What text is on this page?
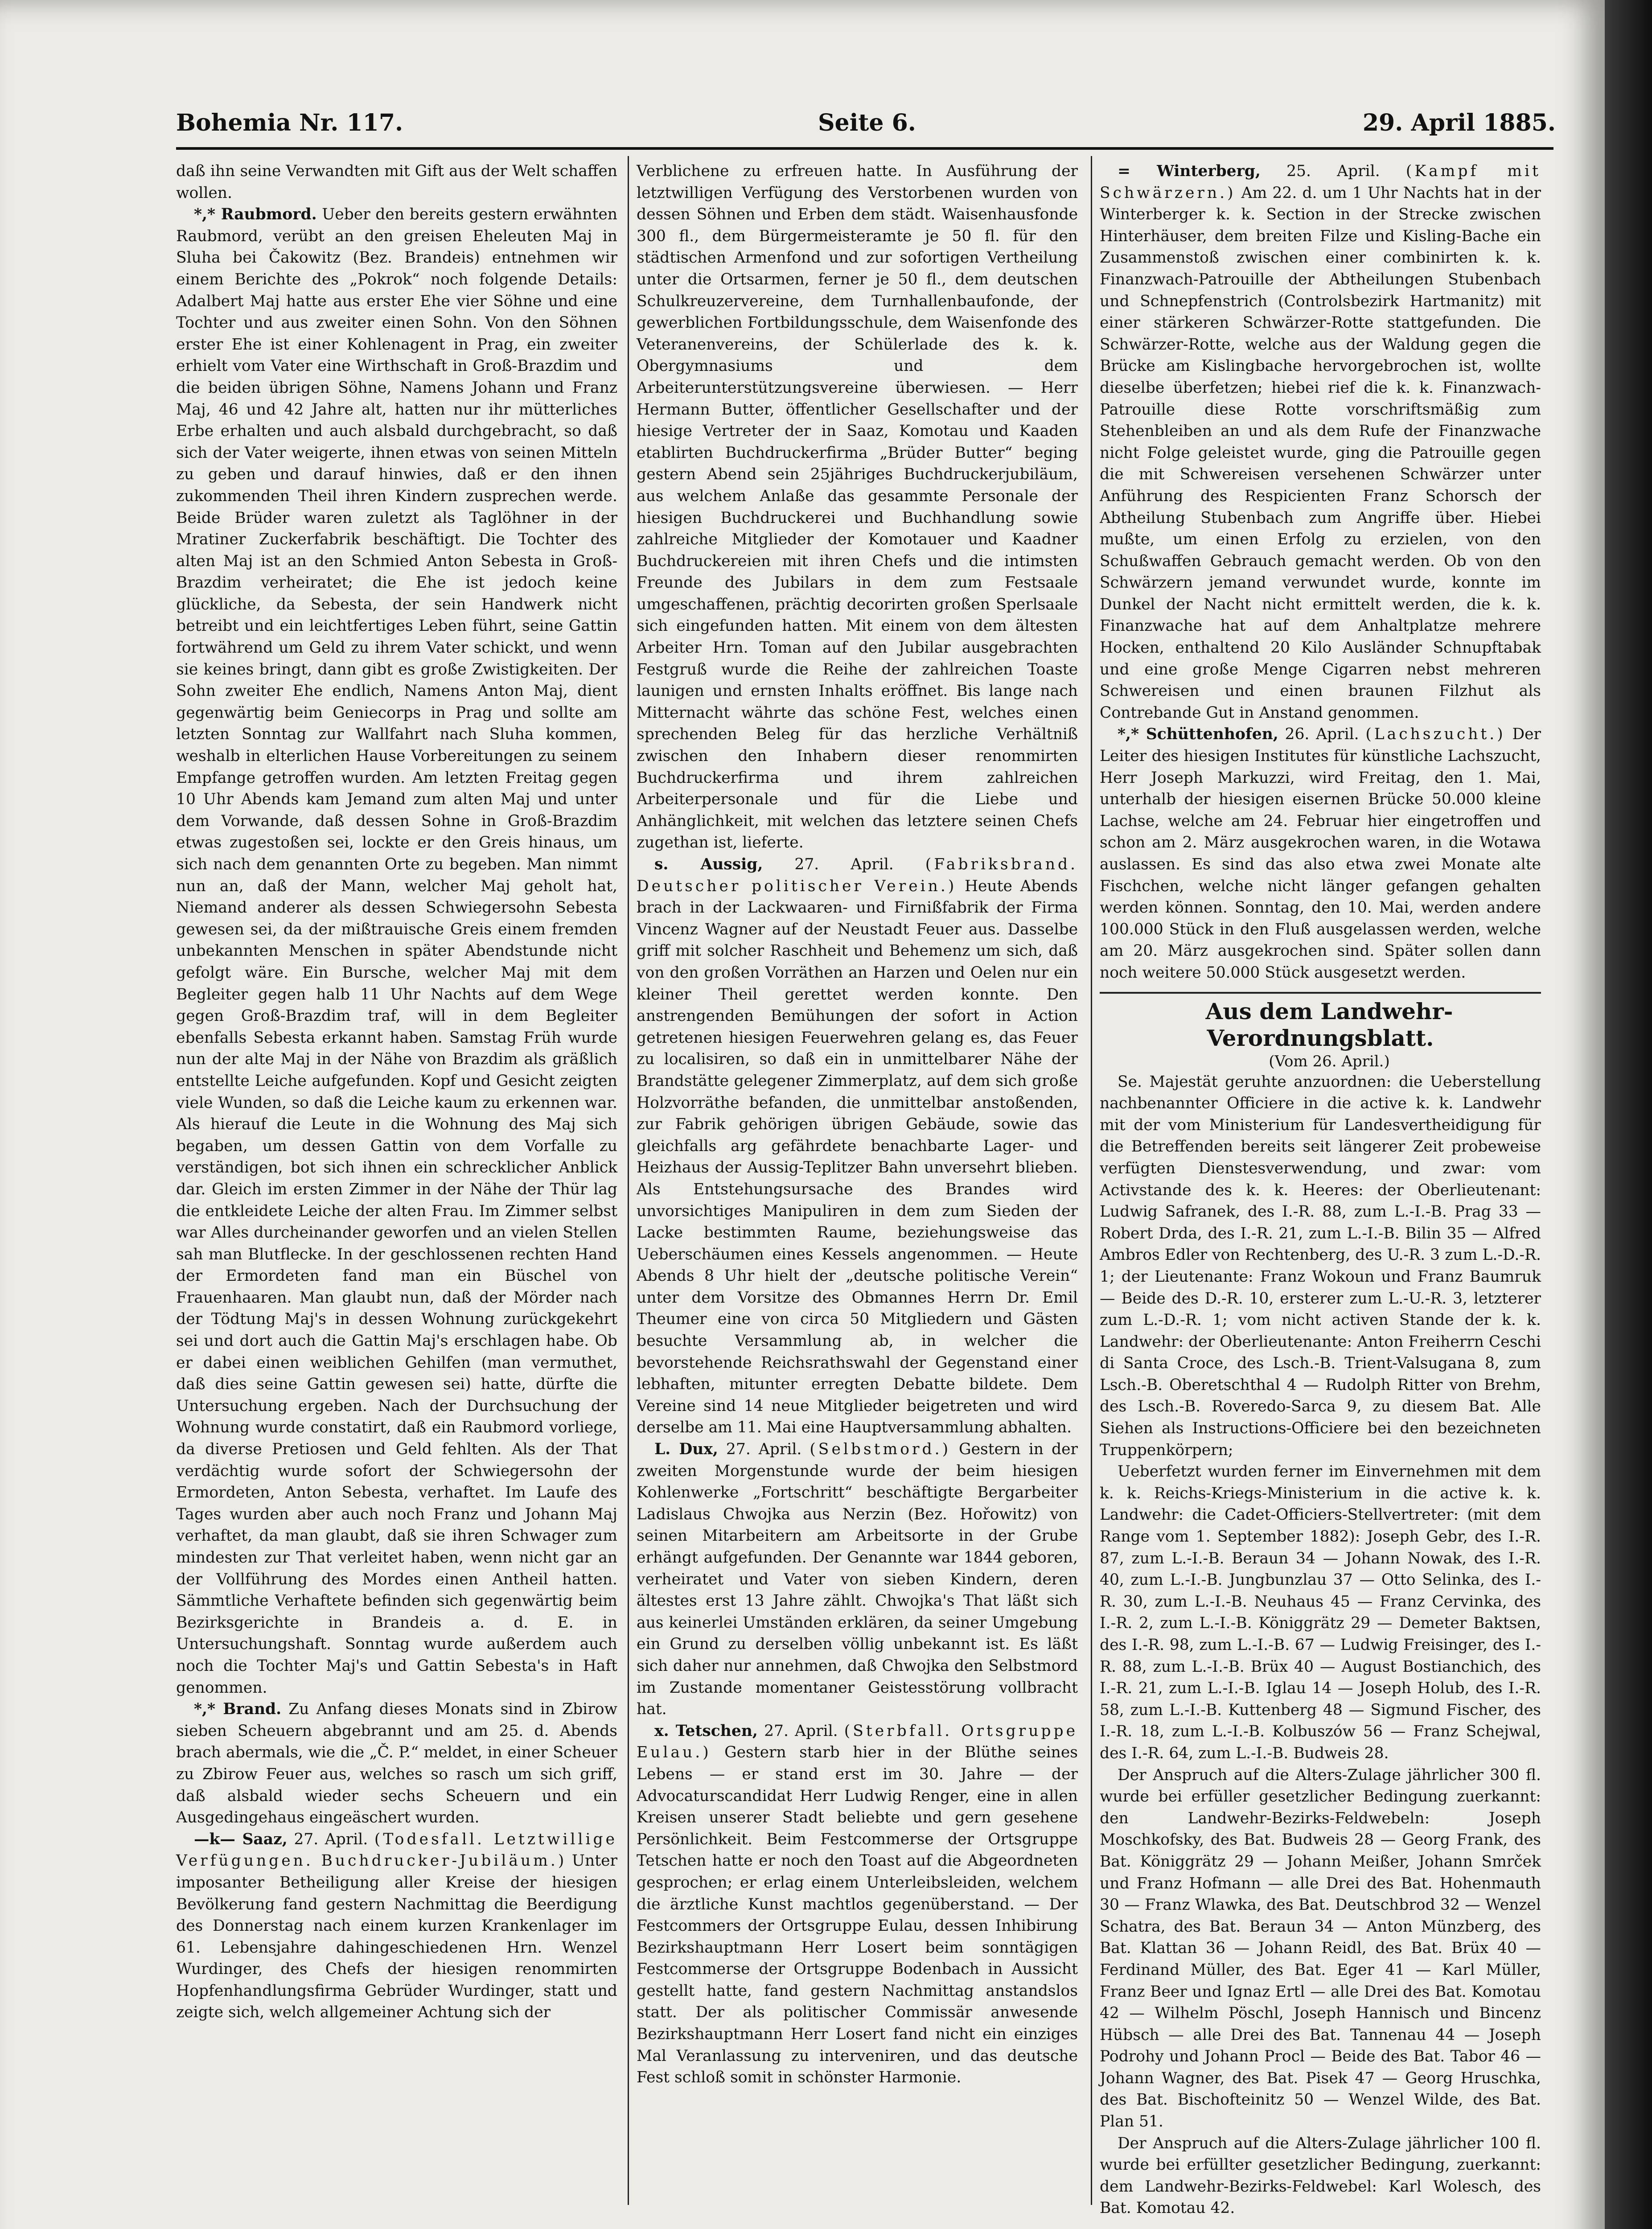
Bohemia Nr. 117.	Seite 6.	29. April 1885.

daß ihn seine Verwandten mit Gift aus der Welt schaffen wollen.

*,* Raubmord. Ueber den bereits gestern erwähnten Raubmord, verübt an den greisen Eheleuten Maj in Sluha bei Čakowitz (Bez. Brandeis) entnehmen wir einem Berichte des „Pokrok“ noch folgende Details: Adalbert Maj hatte aus erster Ehe vier Söhne und eine Tochter und aus zweiter einen Sohn. Von den Söhnen erster Ehe ist einer Kohlenagent in Prag, ein zweiter erhielt vom Vater eine Wirthschaft in Groß-Brazdim und die beiden übrigen Söhne, Namens Johann und Franz Maj, 46 und 42 Jahre alt, hatten nur ihr mütterliches Erbe erhalten und auch alsbald durchgebracht, so daß sich der Vater weigerte, ihnen etwas von seinen Mitteln zu geben und darauf hinwies, daß er den ihnen zukommenden Theil ihren Kindern zusprechen werde. Beide Brüder waren zuletzt als Taglöhner in der Mratiner Zuckerfabrik beschäftigt. Die Tochter des alten Maj ist an den Schmied Anton Sebesta in Groß-Brazdim verheiratet; die Ehe ist jedoch keine glückliche, da Sebesta, der sein Handwerk nicht betreibt und ein leichtfertiges Leben führt, seine Gattin fortwährend um Geld zu ihrem Vater schickt, und wenn sie keines bringt, dann gibt es große Zwistigkeiten. Der Sohn zweiter Ehe endlich, Namens Anton Maj, dient gegenwärtig beim Geniecorps in Prag und sollte am letzten Sonntag zur Wallfahrt nach Sluha kommen, weshalb in elterlichen Hause Vorbereitungen zu seinem Empfange getroffen wurden. Am letzten Freitag gegen 10 Uhr Abends kam Jemand zum alten Maj und unter dem Vorwande, daß dessen Sohne in Groß-Brazdim etwas zugestoßen sei, lockte er den Greis hinaus, um sich nach dem genannten Orte zu begeben. Man nimmt nun an, daß der Mann, welcher Maj geholt hat, Niemand anderer als dessen Schwiegersohn Sebesta gewesen sei, da der mißtrauische Greis einem fremden unbekannten Menschen in später Abendstunde nicht gefolgt wäre. Ein Bursche, welcher Maj mit dem Begleiter gegen halb 11 Uhr Nachts auf dem Wege gegen Groß-Brazdim traf, will in dem Begleiter ebenfalls Sebesta erkannt haben. Samstag Früh wurde nun der alte Maj in der Nähe von Brazdim als gräßlich entstellte Leiche aufgefunden. Kopf und Gesicht zeigten viele Wunden, so daß die Leiche kaum zu erkennen war. Als hierauf die Leute in die Wohnung des Maj sich begaben, um dessen Gattin von dem Vorfalle zu verständigen, bot sich ihnen ein schrecklicher Anblick dar. Gleich im ersten Zimmer in der Nähe der Thür lag die entkleidete Leiche der alten Frau. Im Zimmer selbst war Alles durcheinander geworfen und an vielen Stellen sah man Blutflecke. In der geschlossenen rechten Hand der Ermordeten fand man ein Büschel von Frauenhaaren. Man glaubt nun, daß der Mörder nach der Tödtung Maj's in dessen Wohnung zurückgekehrt sei und dort auch die Gattin Maj's erschlagen habe. Ob er dabei einen weiblichen Gehilfen (man vermuthet, daß dies seine Gattin gewesen sei) hatte, dürfte die Untersuchung ergeben. Nach der Durchsuchung der Wohnung wurde constatirt, daß ein Raubmord vorliege, da diverse Pretiosen und Geld fehlten. Als der That verdächtig wurde sofort der Schwiegersohn der Ermordeten, Anton Sebesta, verhaftet. Im Laufe des Tages wurden aber auch noch Franz und Johann Maj verhaftet, da man glaubt, daß sie ihren Schwager zum mindesten zur That verleitet haben, wenn nicht gar an der Vollführung des Mordes einen Antheil hatten. Sämmtliche Verhaftete befinden sich gegenwärtig beim Bezirksgerichte in Brandeis a. d. E. in Untersuchungshaft. Sonntag wurde außerdem auch noch die Tochter Maj's und Gattin Sebesta's in Haft genommen.

*,* Brand. Zu Anfang dieses Monats sind in Zbirow sieben Scheuern abgebrannt und am 25. d. Abends brach abermals, wie die „Č. P.“ meldet, in einer Scheuer zu Zbirow Feuer aus, welches so rasch um sich griff, daß alsbald wieder sechs Scheuern und ein Ausgedingehaus eingeäschert wurden.

—k— Saaz, 27. April. (Todesfall. Letztwillige Verfügungen. Buchdrucker-Jubiläum.) Unter imposanter Betheiligung aller Kreise der hiesigen Bevölkerung fand gestern Nachmittag die Beerdigung des Donnerstag nach einem kurzen Krankenlager im 61. Lebensjahre dahingeschiedenen Hrn. Wenzel Wurdinger, des Chefs der hiesigen renommirten Hopfenhandlungsfirma Gebrüder Wurdinger, statt und zeigte sich, welch allgemeiner Achtung sich der

Verblichene zu erfreuen hatte. In Ausführung der letztwilligen Verfügung des Verstorbenen wurden von dessen Söhnen und Erben dem städt. Waisenhausfonde 300 fl., dem Bürgermeisteramte je 50 fl. für den städtischen Armenfond und zur sofortigen Vertheilung unter die Ortsarmen, ferner je 50 fl., dem deutschen Schulkreuzervereine, dem Turnhallenbaufonde, der gewerblichen Fortbildungsschule, dem Waisenfonde des Veteranenvereins, der Schülerlade des k. k. Obergymnasiums und dem Arbeiterunterstützungsvereine überwiesen. — Herr Hermann Butter, öffentlicher Gesellschafter und der hiesige Vertreter der in Saaz, Komotau und Kaaden etablirten Buchdruckerfirma „Brüder Butter“ beging gestern Abend sein 25jähriges Buchdruckerjubiläum, aus welchem Anlaße das gesammte Personale der hiesigen Buchdruckerei und Buchhandlung sowie zahlreiche Mitglieder der Komotauer und Kaadner Buchdruckereien mit ihren Chefs und die intimsten Freunde des Jubilars in dem zum Festsaale umgeschaffenen, prächtig decorirten großen Sperlsaale sich eingefunden hatten. Mit einem von dem ältesten Arbeiter Hrn. Toman auf den Jubilar ausgebrachten Festgruß wurde die Reihe der zahlreichen Toaste launigen und ernsten Inhalts eröffnet. Bis lange nach Mitternacht währte das schöne Fest, welches einen sprechenden Beleg für das herzliche Verhältniß zwischen den Inhabern dieser renommirten Buchdruckerfirma und ihrem zahlreichen Arbeiterpersonale und für die Liebe und Anhänglichkeit, mit welchen das letztere seinen Chefs zugethan ist, lieferte.

s. Aussig, 27. April. (Fabriksbrand. Deutscher politischer Verein.) Heute Abends brach in der Lackwaaren- und Firnißfabrik der Firma Vincenz Wagner auf der Neustadt Feuer aus. Dasselbe griff mit solcher Raschheit und Behemenz um sich, daß von den großen Vorräthen an Harzen und Oelen nur ein kleiner Theil gerettet werden konnte. Den anstrengenden Bemühungen der sofort in Action getretenen hiesigen Feuerwehren gelang es, das Feuer zu localisiren, so daß ein in unmittelbarer Nähe der Brandstätte gelegener Zimmerplatz, auf dem sich große Holzvorräthe befanden, die unmittelbar anstoßenden, zur Fabrik gehörigen übrigen Gebäude, sowie das gleichfalls arg gefährdete benachbarte Lager- und Heizhaus der Aussig-Teplitzer Bahn unversehrt blieben. Als Entstehungsursache des Brandes wird unvorsichtiges Manipuliren in dem zum Sieden der Lacke bestimmten Raume, beziehungsweise das Ueberschäumen eines Kessels angenommen. — Heute Abends 8 Uhr hielt der „deutsche politische Verein“ unter dem Vorsitze des Obmannes Herrn Dr. Emil Theumer eine von circa 50 Mitgliedern und Gästen besuchte Versammlung ab, in welcher die bevorstehende Reichsrathswahl der Gegenstand einer lebhaften, mitunter erregten Debatte bildete. Dem Vereine sind 14 neue Mitglieder beigetreten und wird derselbe am 11. Mai eine Hauptversammlung abhalten.

L. Dux, 27. April. (Selbstmord.) Gestern in der zweiten Morgenstunde wurde der beim hiesigen Kohlenwerke „Fortschritt“ beschäftigte Bergarbeiter Ladislaus Chwojka aus Nerzin (Bez. Hořowitz) von seinen Mitarbeitern am Arbeitsorte in der Grube erhängt aufgefunden. Der Genannte war 1844 geboren, verheiratet und Vater von sieben Kindern, deren ältestes erst 13 Jahre zählt. Chwojka's That läßt sich aus keinerlei Umständen erklären, da seiner Umgebung ein Grund zu derselben völlig unbekannt ist. Es läßt sich daher nur annehmen, daß Chwojka den Selbstmord im Zustande momentaner Geistesstörung vollbracht hat.

x. Tetschen, 27. April. (Sterbfall. Ortsgruppe Eulau.) Gestern starb hier in der Blüthe seines Lebens — er stand erst im 30. Jahre — der Advocaturscandidat Herr Ludwig Renger, eine in allen Kreisen unserer Stadt beliebte und gern gesehene Persönlichkeit. Beim Festcommerse der Ortsgruppe Tetschen hatte er noch den Toast auf die Abgeordneten gesprochen; er erlag einem Unterleibsleiden, welchem die ärztliche Kunst machtlos gegenüberstand. — Der Festcommers der Ortsgruppe Eulau, dessen Inhibirung Bezirkshauptmann Herr Losert beim sonntägigen Festcommerse der Ortsgruppe Bodenbach in Aussicht gestellt hatte, fand gestern Nachmittag anstandslos statt. Der als politischer Commissär anwesende Bezirkshauptmann Herr Losert fand nicht ein einziges Mal Veranlassung zu interveniren, und das deutsche Fest schloß somit in schönster Harmonie.

= Winterberg, 25. April. (Kampf mit Schwärzern.) Am 22. d. um 1 Uhr Nachts hat in der Winterberger k. k. Section in der Strecke zwischen Hinterhäuser, dem breiten Filze und Kisling-Bache ein Zusammenstoß zwischen einer combinirten k. k. Finanzwach-Patrouille der Abtheilungen Stubenbach und Schnepfenstrich (Controlsbezirk Hartmanitz) mit einer stärkeren Schwärzer-Rotte stattgefunden. Die Schwärzer-Rotte, welche aus der Waldung gegen die Brücke am Kislingbache hervorgebrochen ist, wollte dieselbe überfetzen; hiebei rief die k. k. Finanzwach-Patrouille diese Rotte vorschriftsmäßig zum Stehenbleiben an und als dem Rufe der Finanzwache nicht Folge geleistet wurde, ging die Patrouille gegen die mit Schwereisen versehenen Schwärzer unter Anführung des Respicienten Franz Schorsch der Abtheilung Stubenbach zum Angriffe über. Hiebei mußte, um einen Erfolg zu erzielen, von den Schußwaffen Gebrauch gemacht werden. Ob von den Schwärzern jemand verwundet wurde, konnte im Dunkel der Nacht nicht ermittelt werden, die k. k. Finanzwache hat auf dem Anhaltplatze mehrere Hocken, enthaltend 20 Kilo Ausländer Schnupftabak und eine große Menge Cigarren nebst mehreren Schwereisen und einen braunen Filzhut als Contrebande Gut in Anstand genommen.

*,* Schüttenhofen, 26. April. (Lachszucht.) Der Leiter des hiesigen Institutes für künstliche Lachszucht, Herr Joseph Markuzzi, wird Freitag, den 1. Mai, unterhalb der hiesigen eisernen Brücke 50.000 kleine Lachse, welche am 24. Februar hier eingetroffen und schon am 2. März ausgekrochen waren, in die Wotawa auslassen. Es sind das also etwa zwei Monate alte Fischchen, welche nicht länger gefangen gehalten werden können. Sonntag, den 10. Mai, werden andere 100.000 Stück in den Fluß ausgelassen werden, welche am 20. März ausgekrochen sind. Später sollen dann noch weitere 50.000 Stück ausgesetzt werden.

Aus dem Landwehr-Verordnungsblatt.

(Vom 26. April.)

Se. Majestät geruhte anzuordnen: die Ueberstellung nachbenannter Officiere in die active k. k. Landwehr mit der vom Ministerium für Landesvertheidigung für die Betreffenden bereits seit längerer Zeit probeweise verfügten Dienstesverwendung, und zwar: vom Activstande des k. k. Heeres: der Oberlieutenant: Ludwig Safranek, des I.-R. 88, zum L.-I.-B. Prag 33 — Robert Drda, des I.-R. 21, zum L.-I.-B. Bilin 35 — Alfred Ambros Edler von Rechtenberg, des U.-R. 3 zum L.-D.-R. 1; der Lieutenante: Franz Wokoun und Franz Baumruk — Beide des D.-R. 10, ersterer zum L.-U.-R. 3, letzterer zum L.-D.-R. 1; vom nicht activen Stande der k. k. Landwehr: der Oberlieutenante: Anton Freiherrn Ceschi di Santa Croce, des Lsch.-B. Trient-Valsugana 8, zum Lsch.-B. Oberetschthal 4 — Rudolph Ritter von Brehm, des Lsch.-B. Roveredo-Sarca 9, zu diesem Bat. Alle Siehen als Instructions-Officiere bei den bezeichneten Truppenkörpern;

Ueberfetzt wurden ferner im Einvernehmen mit dem k. k. Reichs-Kriegs-Ministerium in die active k. k. Landwehr: die Cadet-Officiers-Stellvertreter: (mit dem Range vom 1. September 1882): Joseph Gebr, des I.-R. 87, zum L.-I.-B. Beraun 34 — Johann Nowak, des I.-R. 40, zum L.-I.-B. Jungbunzlau 37 — Otto Selinka, des I.-R. 30, zum L.-I.-B. Neuhaus 45 — Franz Cervinka, des I.-R. 2, zum L.-I.-B. Königgrätz 29 — Demeter Baktsen, des I.-R. 98, zum L.-I.-B. 67 — Ludwig Freisinger, des I.-R. 88, zum L.-I.-B. Brüx 40 — August Bostianchich, des I.-R. 21, zum L.-I.-B. Iglau 14 — Joseph Holub, des I.-R. 58, zum L.-I.-B. Kuttenberg 48 — Sigmund Fischer, des I.-R. 18, zum L.-I.-B. Kolbuszów 56 — Franz Schejwal, des I.-R. 64, zum L.-I.-B. Budweis 28.

Der Anspruch auf die Alters-Zulage jährlicher 300 fl. wurde bei erfüller gesetzlicher Bedingung zuerkannt: den Landwehr-Bezirks-Feldwebeln: Joseph Moschkofsky, des Bat. Budweis 28 — Georg Frank, des Bat. Königgrätz 29 — Johann Meißer, Johann Smrček und Franz Hofmann — alle Drei des Bat. Hohenmauth 30 — Franz Wlawka, des Bat. Deutschbrod 32 — Wenzel Schatra, des Bat. Beraun 34 — Anton Münzberg, des Bat. Klattan 36 — Johann Reidl, des Bat. Brüx 40 — Ferdinand Müller, des Bat. Eger 41 — Karl Müller, Franz Beer und Ignaz Ertl — alle Drei des Bat. Komotau 42 — Wilhelm Pöschl, Joseph Hannisch und Bincenz Hübsch — alle Drei des Bat. Tannenau 44 — Joseph Podrohy und Johann Procl — Beide des Bat. Tabor 46 — Johann Wagner, des Bat. Pisek 47 — Georg Hruschka, des Bat. Bischofteinitz 50 — Wenzel Wilde, des Bat. Plan 51.

Der Anspruch auf die Alters-Zulage jährlicher 100 fl. wurde bei erfüllter gesetzlicher Bedingung, zuerkannt: dem Landwehr-Bezirks-Feldwebel: Karl Wolesch, des Bat. Komotau 42.
